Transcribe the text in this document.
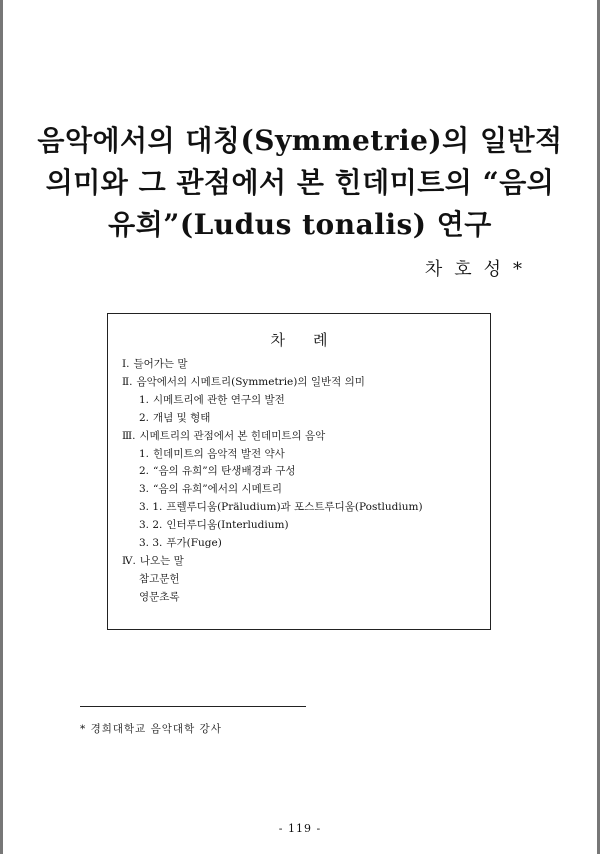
음악에서의 대칭(Symmetrie)의 일반적
의미와 그 관점에서 본 힌데미트의 “음의
유희”(Ludus tonalis) 연구

차호성*

차례

Ⅰ. 들어가는 말
Ⅱ. 음악에서의 시메트리(Symmetrie)의 일반적 의미
1. 시메트리에 관한 연구의 발전
2. 개념 및 형태
Ⅲ. 시메트리의 관점에서 본 힌데미트의 음악
1. 힌데미트의 음악적 발전 약사
2. “음의 유희”의 탄생배경과 구성
3. “음의 유희”에서의 시메트리
3. 1. 프렐루디움(Präludium)과 포스트루디움(Postludium)
3. 2. 인터루디움(Interludium)
3. 3. 푸가(Fuge)
Ⅳ. 나오는 말
참고문헌
영문초록

* 경희대학교 음악대학 강사

- 119 -
